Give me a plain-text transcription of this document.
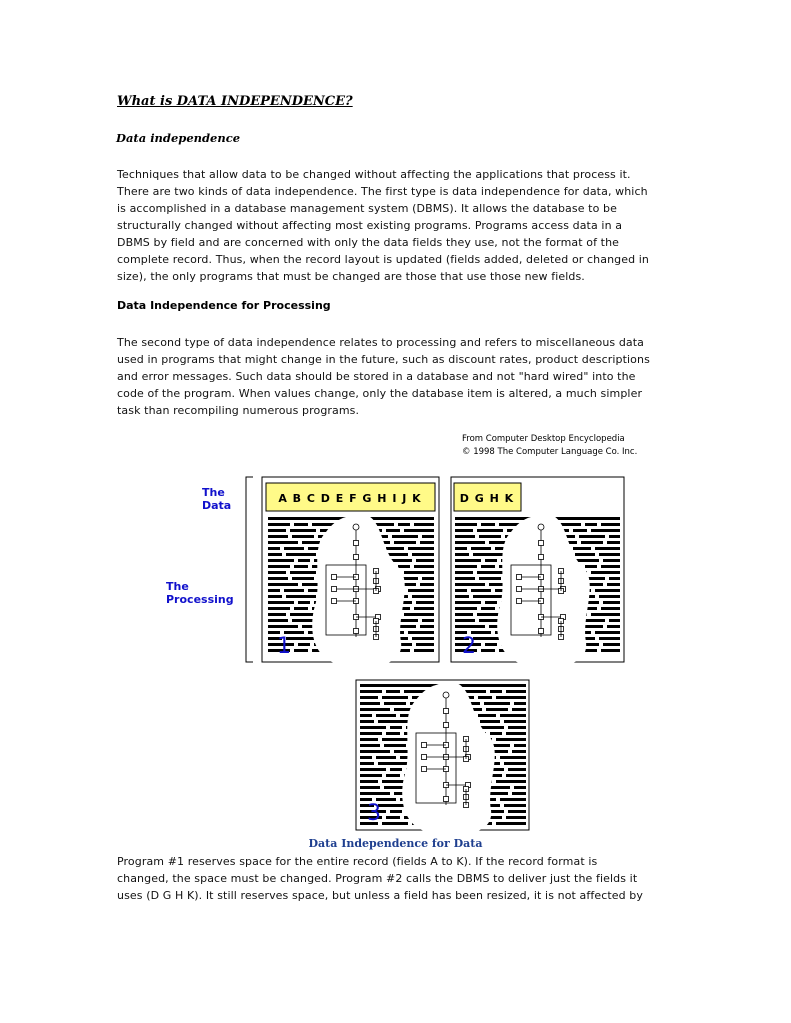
What is DATA INDEPENDENCE?
Data independence

Techniques that allow data to be changed without affecting the applications that process it.

There are two kinds of data independence. The first type is data independence for data, which

is accomplished in a database management system (DBMS). It allows the database to be

structurally changed without affecting most existing programs. Programs access data in a

DBMS by field and are concerned with only the data fields they use, not the format of the

complete record. Thus, when the record layout is updated (fields added, deleted or changed in

size), the only programs that must be changed are those that use those new fields.

Data Independence for Processing

The second type of data independence relates to processing and refers to miscellaneous data

used in programs that might change in the future, such as discount rates, product descriptions

and error messages. Such data should be stored in a database and not "hard wired" into the

code of the program. When values change, only the database item is altered, a much simpler

task than recompiling numerous programs.

From Computer Desktop Encyclopedia
© 1998 The Computer Language Co. Inc.
The
Data
The
Processing
A B C D E F G H I J K
1
D G H K
2
3
Data Independence for Data

Program #1 reserves space for the entire record (fields A to K). If the record format is

changed, the space must be changed. Program #2 calls the DBMS to deliver just the fields it

uses (D G H K). It still reserves space, but unless a field has been resized, it is not affected by
